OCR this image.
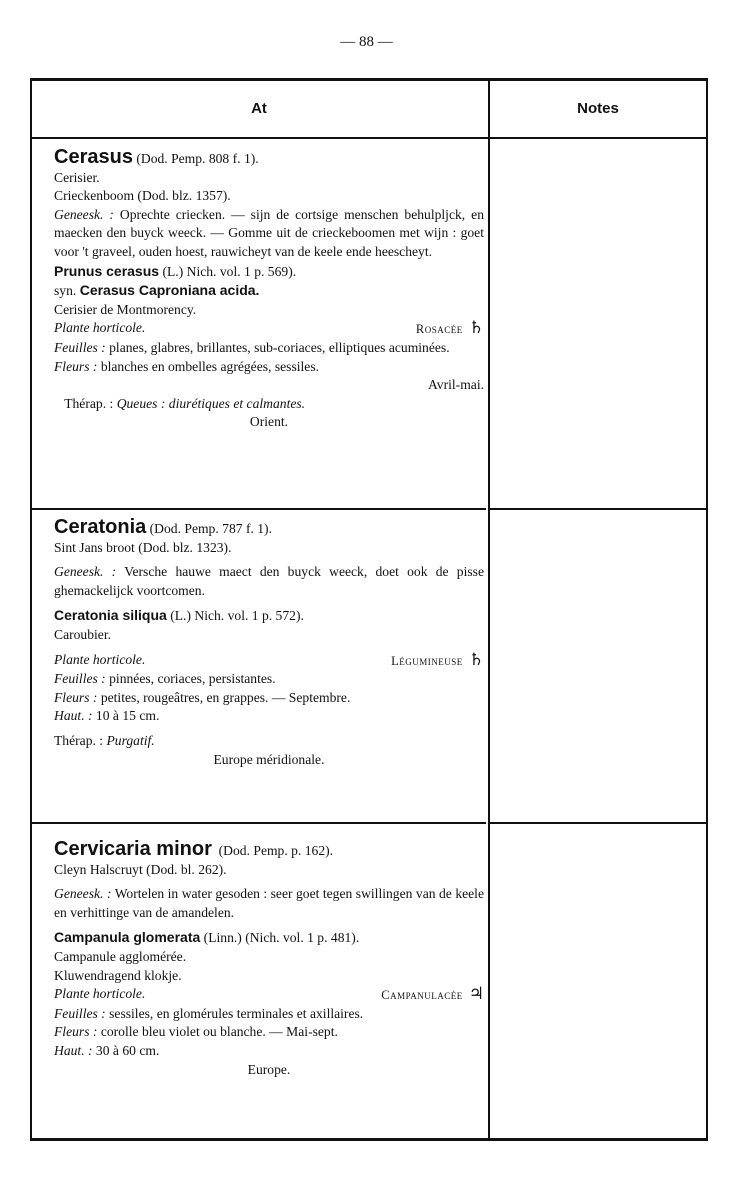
— 88 —
At	Notes

Cerasus (Dod. Pemp. 808 f. 1).

Cerisier.

Crieckenboom (Dod. blz. 1357).

Geneesk. : Oprechte criecken. — sijn de cortsige menschen behulpljck, en maecken den buyck weeck. — Gomme uit de crieckeboomen met wijn : goet voor 't graveel, ouden hoest, rauwicheyt van de keele ende heescheyt.

Prunus cerasus (L.) Nich. vol. 1 p. 569).

syn. Cerasus Caproniana acida.

Cerisier de Montmorency.

Plante horticole.	Rosacée ♄

Feuilles : planes, glabres, brillantes, sub-coriaces, elliptiques acuminées.

Fleurs : blanches en ombelles agrégées, sessiles.

Avril-mai.

Thérap. : Queues : diurétiques et calmantes.

Orient.

Ceratonia (Dod. Pemp. 787 f. 1).

Sint Jans broot (Dod. blz. 1323).

Geneesk. : Versche hauwe maect den buyck weeck, doet ook de pisse ghemackelijck voortcomen.

Ceratonia siliqua (L.) Nich. vol. 1 p. 572).

Caroubier.

Plante horticole.	Légumineuse ♄

Feuilles : pinnées, coriaces, persistantes.

Fleurs : petites, rougeâtres, en grappes. — Septembre.

Haut. : 10 à 15 cm.

Thérap. : Purgatif.

Europe méridionale.

Cervicaria minor (Dod. Pemp. p. 162).

Cleyn Halscruyt (Dod. bl. 262).

Geneesk. : Wortelen in water gesoden : seer goet tegen swillingen van de keele en verhittinge van de amandelen.

Campanula glomerata (Linn.) (Nich. vol. 1 p. 481).

Campanule agglomérée.

Kluwendragend klokje.

Plante horticole.	Campanulacée ♃

Feuilles : sessiles, en glomérules terminales et axillaires.

Fleurs : corolle bleu violet ou blanche. — Mai-sept.

Haut. : 30 à 60 cm.

Europe.
